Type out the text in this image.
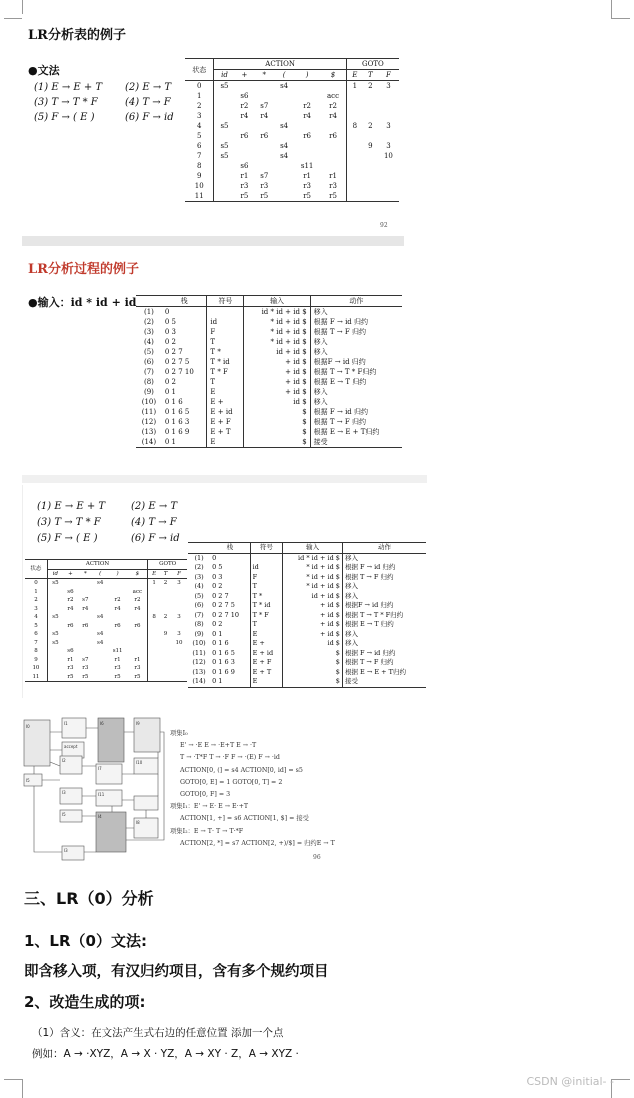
LR分析表的例子
●文法
(1) E → E + T
(3) T → T * F
(5) F → ( E )
(2) E → T
(4) T → F
(6) F → id
状态	ACTION						GOTO		
	id	+	*	(	)	$	E	T	F
0	s5			s4			1	2	3
1		s6				acc			
2		r2	s7		r2	r2			
3		r4	r4		r4	r4			
4	s5			s4			8	2	3
5		r6	r6		r6	r6			
6	s5			s4				9	3
7	s5			s4					10
8		s6			s11				
9		r1	s7		r1	r1			
10		r3	r3		r3	r3			
11		r5	r5		r5	r5			
92
LR分析过程的例子
●输入：id * id + id
		栈	符号	输入	动作
(1)	0		id * id + id $	移入
(2)	0 5	id	* id + id $	根据 F → id 归约
(3)	0 3	F	* id + id $	根据 T → F 归约
(4)	0 2	T	* id + id $	移入
(5)	0 2 7	T *	id + id $	移入
(6)	0 2 7 5	T * id	+ id $	根据F → id 归约
(7)	0 2 7 10	T * F	+ id $	根据 T → T * F归约
(8)	0 2	T	+ id $	根据 E → T 归约
(9)	0 1	E	+ id $	移入
(10)	0 1 6	E +	id $	移入
(11)	0 1 6 5	E + id	$	根据 F → id 归约
(12)	0 1 6 3	E + F	$	根据 T → F 归约
(13)	0 1 6 9	E + T	$	根据 E → E + T归约
(14)	0 1	E	$	接受
(1) E → E + T
(3) T → T * F
(5) F → ( E )
(2) E → T
(4) T → F
(6) F → id
状态	ACTION						GOTO		
	id	+	*	(	)	$	E	T	F
0	s5			s4			1	2	3
1		s6				acc			
2		r2	s7		r2	r2			
3		r4	r4		r4	r4			
4	s5			s4			8	2	3
5		r6	r6		r6	r6			
6	s5			s4				9	3
7	s5			s4					10
8		s6			s11				
9		r1	s7		r1	r1			
10		r3	r3		r3	r3			
11		r5	r5		r5	r5			
	栈	符号	输入	动作
(1)	0		id * id + id $	移入
(2)	0 5	id	* id + id $	根据 F → id 归约
(3)	0 3	F	* id + id $	根据 T → F 归约
(4)	0 2	T	* id + id $	移入
(5)	0 2 7	T *	id + id $	移入
(6)	0 2 7 5	T * id	+ id $	根据F → id 归约
(7)	0 2 7 10	T * F	+ id $	根据 T → T * F归约
(8)	0 2	T	+ id $	根据 E → T 归约
(9)	0 1	E	+ id $	移入
(10)	0 1 6	E +	id $	移入
(11)	0 1 6 5	E + id	$	根据 F → id 归约
(12)	0 1 6 3	E + F	$	根据 T → F 归约
(13)	0 1 6 9	E + T	$	根据 E → E + T归约
(14)	0 1	E	$	接受
I0
I1	I6	I9
accept
I5
I2
I7
I10
I3	I11
I5	I4
I8
I3
项集I₀
E' → ·E E → ·E+T E → ·T
T → ·T*F T → ·F F → ·(E) F → ·id
ACTION[0, (] = s4 ACTION[0, id] = s5
GOTO[0, E] = 1 GOTO[0, T] = 2
GOTO[0, F] = 3
项集I₁：E' → E· E → E·+T
ACTION[1, +] = s6 ACTION[1, $] = 接受
项集I₂：E → T· T → T·*F
ACTION[2, *] = s7 ACTION[2, +)/$] = 归约E → T
96
三、LR（0）分析
1、LR（0）文法:
即含移入项，有汉归约项目，含有多个规约项目
2、改造生成的项:
（1）含义：在文法产生式右边的任意位置 添加一个点
例如：A → ·XYZ，A → X · YZ，A → XY · Z，A → XYZ ·
CSDN @initial- -
